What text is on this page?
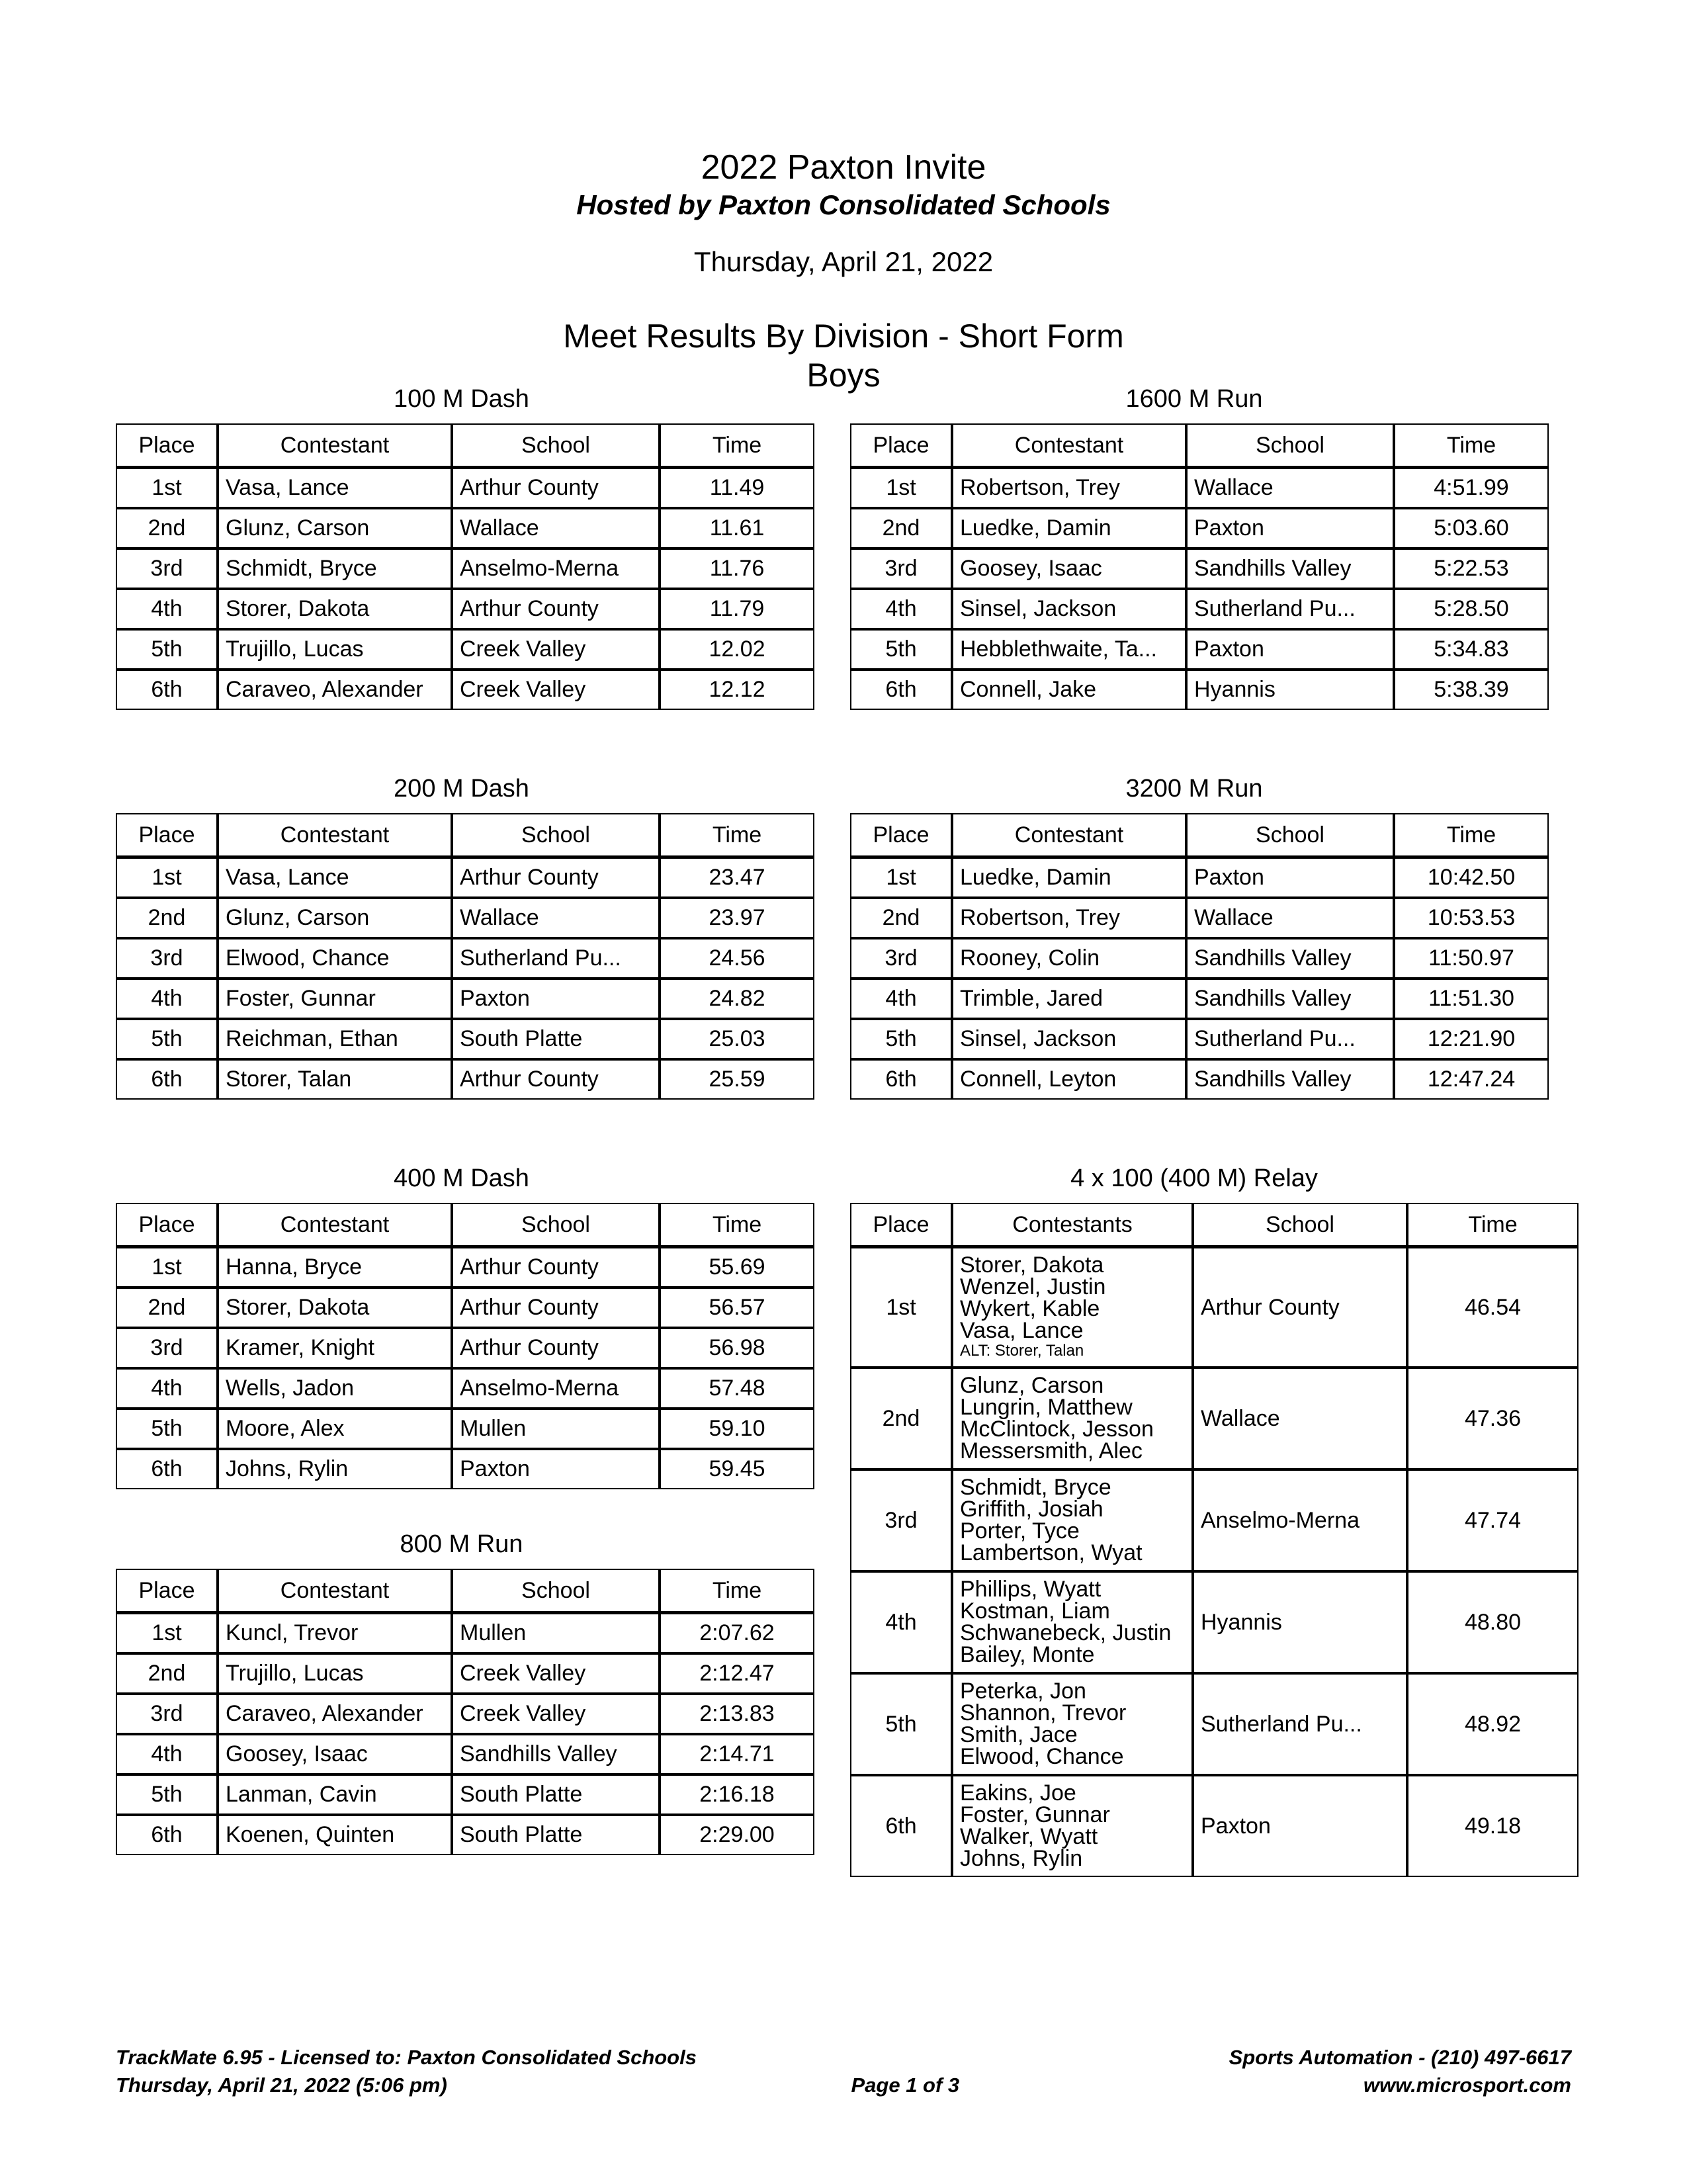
2022 Paxton Invite
Hosted by Paxton Consolidated Schools
Thursday, April 21, 2022
Meet Results By Division - Short Form
Boys
100 M Dash
Place	Contestant	School	Time
1st	Vasa, Lance	Arthur County	11.49
2nd	Glunz, Carson	Wallace	11.61
3rd	Schmidt, Bryce	Anselmo-Merna	11.76
4th	Storer, Dakota	Arthur County	11.79
5th	Trujillo, Lucas	Creek Valley	12.02
6th	Caraveo, Alexander	Creek Valley	12.12
200 M Dash
Place	Contestant	School	Time
1st	Vasa, Lance	Arthur County	23.47
2nd	Glunz, Carson	Wallace	23.97
3rd	Elwood, Chance	Sutherland Pu...	24.56
4th	Foster, Gunnar	Paxton	24.82
5th	Reichman, Ethan	South Platte	25.03
6th	Storer, Talan	Arthur County	25.59
400 M Dash
Place	Contestant	School	Time
1st	Hanna, Bryce	Arthur County	55.69
2nd	Storer, Dakota	Arthur County	56.57
3rd	Kramer, Knight	Arthur County	56.98
4th	Wells, Jadon	Anselmo-Merna	57.48
5th	Moore, Alex	Mullen	59.10
6th	Johns, Rylin	Paxton	59.45
800 M Run
Place	Contestant	School	Time
1st	Kuncl, Trevor	Mullen	2:07.62
2nd	Trujillo, Lucas	Creek Valley	2:12.47
3rd	Caraveo, Alexander	Creek Valley	2:13.83
4th	Goosey, Isaac	Sandhills Valley	2:14.71
5th	Lanman, Cavin	South Platte	2:16.18
6th	Koenen, Quinten	South Platte	2:29.00
1600 M Run
Place	Contestant	School	Time
1st	Robertson, Trey	Wallace	4:51.99
2nd	Luedke, Damin	Paxton	5:03.60
3rd	Goosey, Isaac	Sandhills Valley	5:22.53
4th	Sinsel, Jackson	Sutherland Pu...	5:28.50
5th	Hebblethwaite, Ta...	Paxton	5:34.83
6th	Connell, Jake	Hyannis	5:38.39
3200 M Run
Place	Contestant	School	Time
1st	Luedke, Damin	Paxton	10:42.50
2nd	Robertson, Trey	Wallace	10:53.53
3rd	Rooney, Colin	Sandhills Valley	11:50.97
4th	Trimble, Jared	Sandhills Valley	11:51.30
5th	Sinsel, Jackson	Sutherland Pu...	12:21.90
6th	Connell, Leyton	Sandhills Valley	12:47.24
4 x 100 (400 M) Relay
Place	Contestants	School	Time
1st	Storer, Dakota
Wenzel, Justin
Wykert, Kable
Vasa, Lance
ALT: Storer, Talan	Arthur County	46.54
2nd	Glunz, Carson
Lungrin, Matthew
McClintock, Jesson
Messersmith, Alec	Wallace	47.36
3rd	Schmidt, Bryce
Griffith, Josiah
Porter, Tyce
Lambertson, Wyat	Anselmo-Merna	47.74
4th	Phillips, Wyatt
Kostman, Liam
Schwanebeck, Justin
Bailey, Monte	Hyannis	48.80
5th	Peterka, Jon
Shannon, Trevor
Smith, Jace
Elwood, Chance	Sutherland Pu...	48.92
6th	Eakins, Joe
Foster, Gunnar
Walker, Wyatt
Johns, Rylin	Paxton	49.18
TrackMate 6.95 - Licensed to: Paxton Consolidated Schools	Sports Automation - (210) 497-6617
Thursday, April 21, 2022 (5:06 pm)	Page 1 of 3	www.microsport.com
